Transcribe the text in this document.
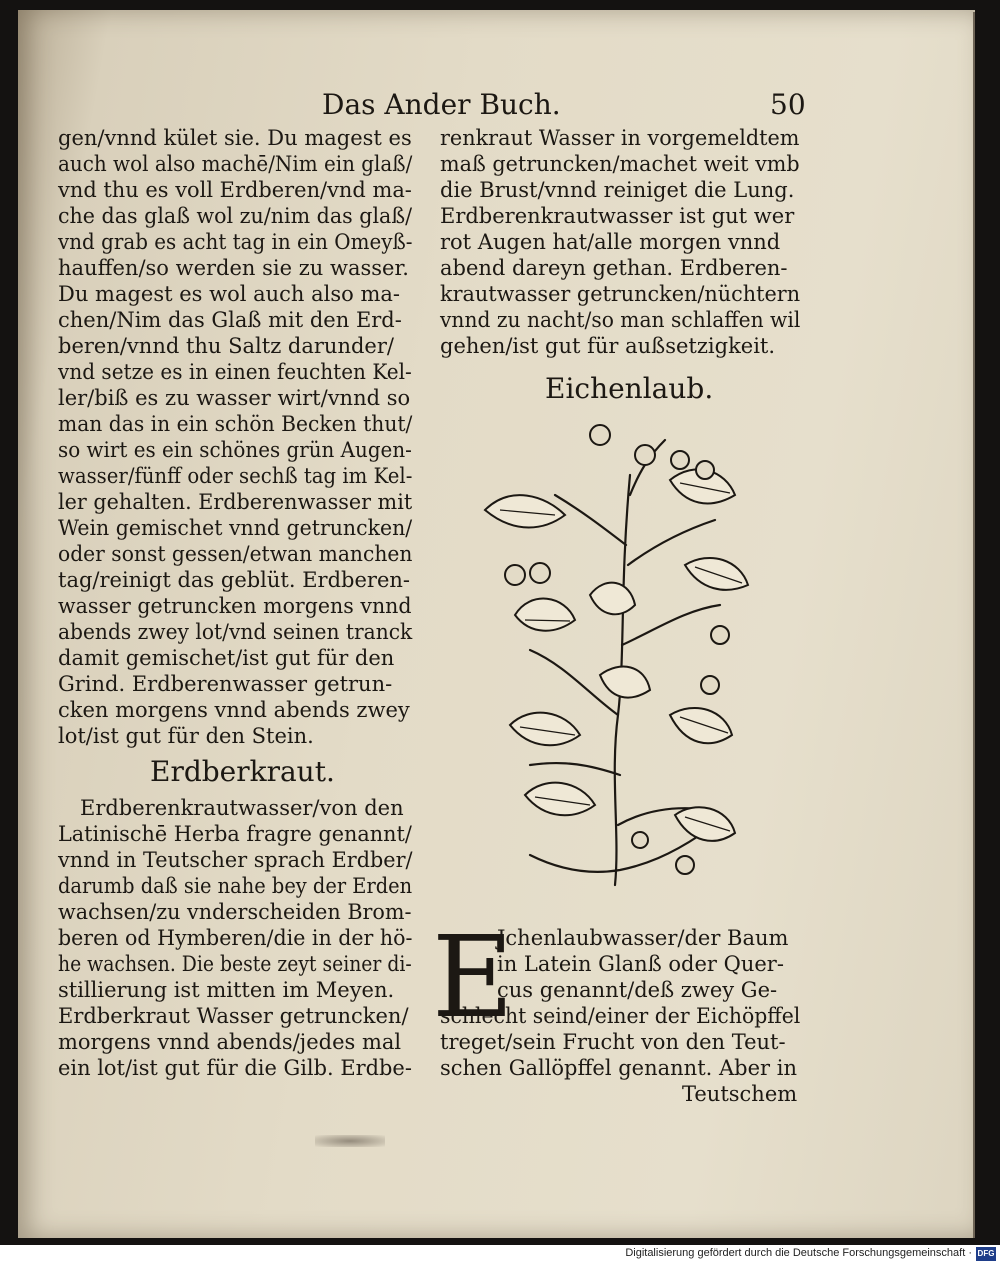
Das Ander Buch.	50
gen/vnnd kület sie. Du magest es
auch wol also machē/Nim ein glaß/
vnd thu es voll Erdberen/vnd ma-
che das glaß wol zu/nim das glaß/
vnd grab es acht tag in ein Omeyß-
hauffen/so werden sie zu wasser.
Du magest es wol auch also ma-
chen/Nim das Glaß mit den Erd-
beren/vnnd thu Saltz darunder/
vnd setze es in einen feuchten Kel-
ler/biß es zu wasser wirt/vnnd so
man das in ein schön Becken thut/
so wirt es ein schönes grün Augen-
wasser/fünff oder sechß tag im Kel-
ler gehalten. Erdberenwasser mit
Wein gemischet vnnd getruncken/
oder sonst gessen/etwan manchen
tag/reinigt das geblüt. Erdberen-
wasser getruncken morgens vnnd
abends zwey lot/vnd seinen tranck
damit gemischet/ist gut für den
Grind. Erdberenwasser getrun-
cken morgens vnnd abends zwey
lot/ist gut für den Stein.
Erdberkraut.
Erdberenkrautwasser/von den
Latinischē Herba fragre genannt/
vnnd in Teutscher sprach Erdber/
darumb daß sie nahe bey der Erden
wachsen/zu vnderscheiden Brom-
beren od Hymberen/die in der hö-
he wachsen. Die beste zeyt seiner di-
stillierung ist mitten im Meyen.
Erdberkraut Wasser getruncken/
morgens vnnd abends/jedes mal
ein lot/ist gut für die Gilb. Erdbe-
renkraut Wasser in vorgemeldtem
maß getruncken/machet weit vmb
die Brust/vnnd reiniget die Lung.
Erdberenkrautwasser ist gut wer
rot Augen hat/alle morgen vnnd
abend dareyn gethan. Erdberen-
krautwasser getruncken/nüchtern
vnnd zu nacht/so man schlaffen wil
gehen/ist gut für außsetzigkeit.
Eichenlaub.
E
Jchenlaubwasser/der Baum
in Latein Glanß oder Quer-
cus genannt/deß zwey Ge-
schlecht seind/einer der Eichöpffel
treget/sein Frucht von den Teut-
schen Gallöpffel genannt. Aber in
Teutschem
Digitalisierung gefördert durch die Deutsche Forschungsgemeinschaft · DFG
